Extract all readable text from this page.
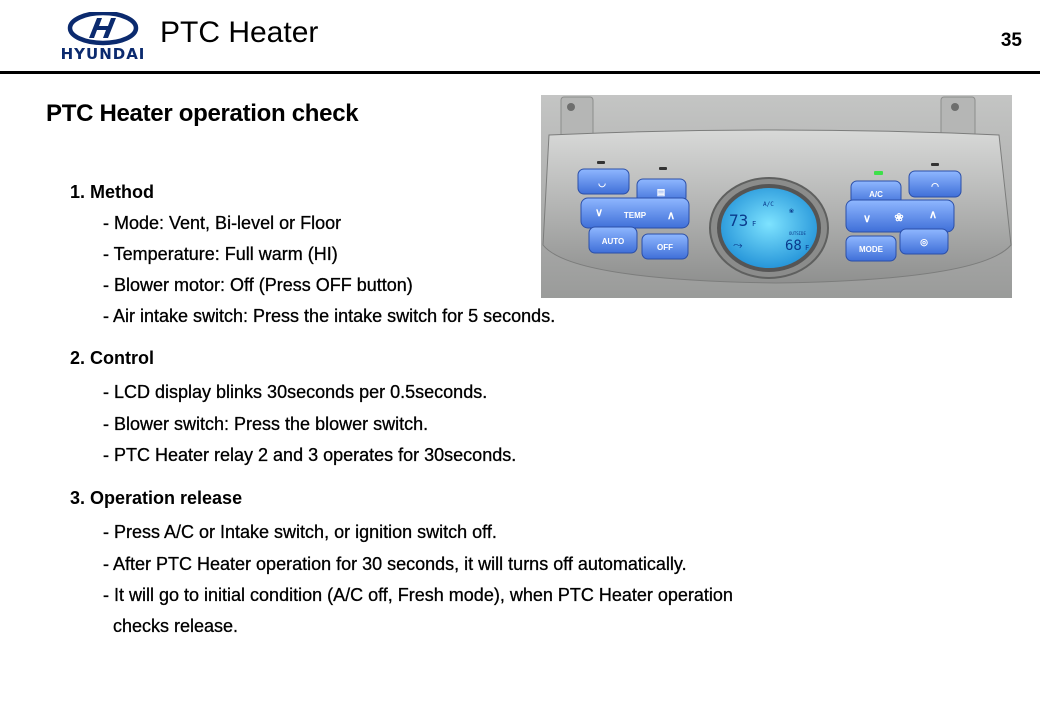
HYUNDAI
PTC Heater	35
PTC Heater operation check
1. Method
- Mode: Vent, Bi-level or Floor
- Temperature: Full warm (HI)
- Blower motor: Off (Press OFF button)
- Air intake switch: Press the intake switch for 5 seconds.
2. Control
- LCD display blinks 30seconds per 0.5seconds.
- Blower switch: Press the blower switch.
- PTC Heater relay 2 and 3 operates for 30seconds.
3. Operation release
- Press A/C or Intake switch, or ignition switch off.
- After PTC Heater operation for 30 seconds, it will turns off automatically.
- It will go to initial condition (A/C off, Fresh mode), when PTC Heater operation
checks release.
◡
▤
∨	TEMP ∧
AUTO
OFF
A/C
◠
∨ ❀ ∧
MODE
◎
A/C
73 F
❀
OUTSIDE
68 F
⤳
